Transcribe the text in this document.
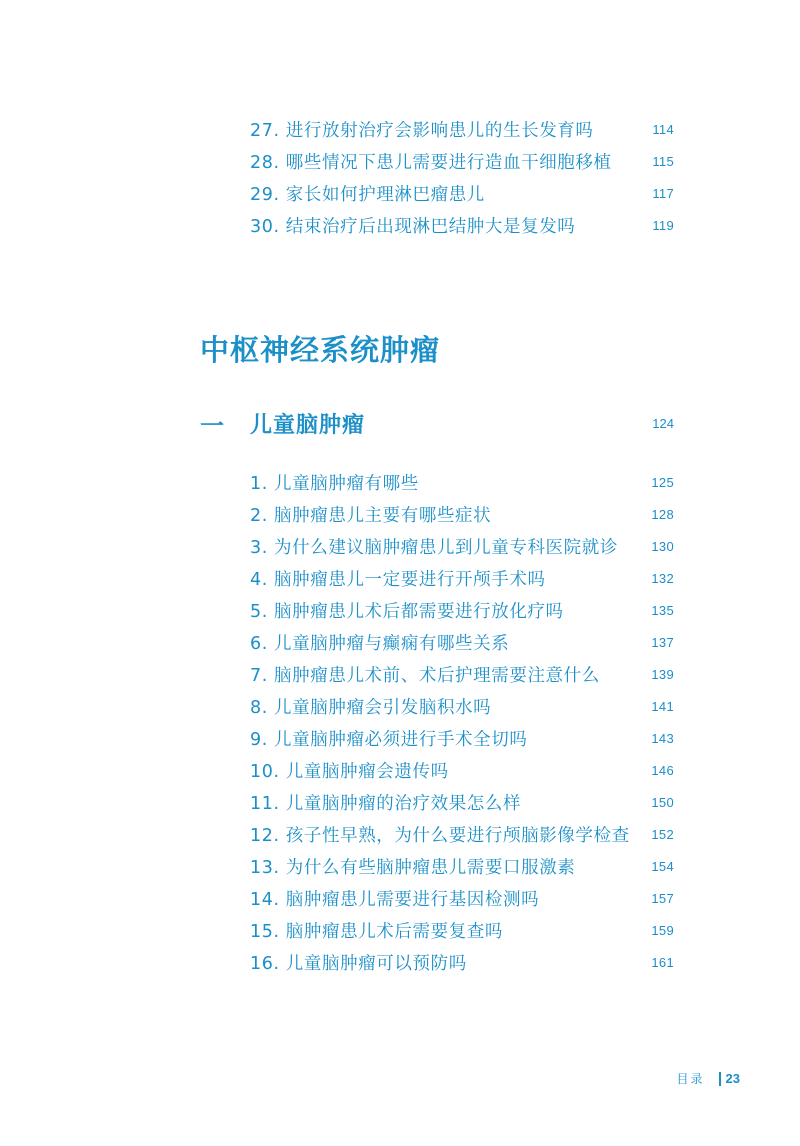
27. 进行放射治疗会影响患儿的生长发育吗	114
28. 哪些情况下患儿需要进行造血干细胞移植	115
29. 家长如何护理淋巴瘤患儿	117
30. 结束治疗后出现淋巴结肿大是复发吗	119
中枢神经系统肿瘤
一	儿童脑肿瘤	124
1. 儿童脑肿瘤有哪些	125
2. 脑肿瘤患儿主要有哪些症状	128
3. 为什么建议脑肿瘤患儿到儿童专科医院就诊	130
4. 脑肿瘤患儿一定要进行开颅手术吗	132
5. 脑肿瘤患儿术后都需要进行放化疗吗	135
6. 儿童脑肿瘤与癫痫有哪些关系	137
7. 脑肿瘤患儿术前、术后护理需要注意什么	139
8. 儿童脑肿瘤会引发脑积水吗	141
9. 儿童脑肿瘤必须进行手术全切吗	143
10. 儿童脑肿瘤会遗传吗	146
11. 儿童脑肿瘤的治疗效果怎么样	150
12. 孩子性早熟，为什么要进行颅脑影像学检查 152
13. 为什么有些脑肿瘤患儿需要口服激素	154
14. 脑肿瘤患儿需要进行基因检测吗	157
15. 脑肿瘤患儿术后需要复查吗	159
16. 儿童脑肿瘤可以预防吗	161
目录 23
